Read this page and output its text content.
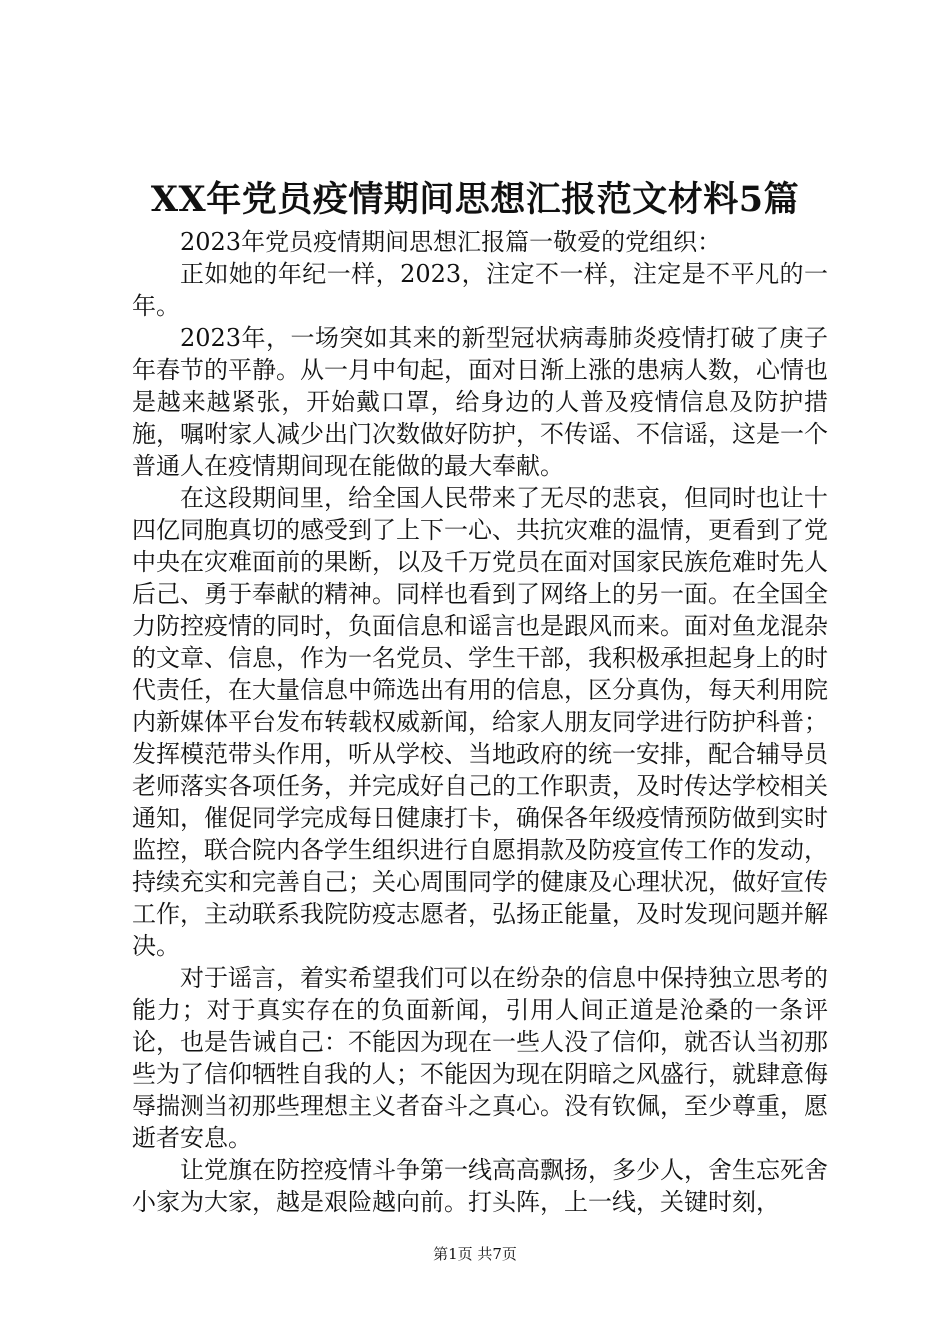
XX年党员疫情期间思想汇报范文材料5篇

2023年党员疫情期间思想汇报篇一敬爱的党组织：

正如她的年纪一样，2023，注定不一样，注定是不平凡的一年。

2023年，一场突如其来的新型冠状病毒肺炎疫情打破了庚子年春节的平静。从一月中旬起，面对日渐上涨的患病人数，心情也是越来越紧张，开始戴口罩，给身边的人普及疫情信息及防护措施，嘱咐家人减少出门次数做好防护，不传谣、不信谣，这是一个普通人在疫情期间现在能做的最大奉献。

在这段期间里，给全国人民带来了无尽的悲哀，但同时也让十四亿同胞真切的感受到了上下一心、共抗灾难的温情，更看到了党中央在灾难面前的果断，以及千万党员在面对国家民族危难时先人后己、勇于奉献的精神。同样也看到了网络上的另一面。在全国全力防控疫情的同时，负面信息和谣言也是跟风而来。面对鱼龙混杂的文章、信息，作为一名党员、学生干部，我积极承担起身上的时代责任，在大量信息中筛选出有用的信息，区分真伪，每天利用院内新媒体平台发布转载权威新闻，给家人朋友同学进行防护科普；发挥模范带头作用，听从学校、当地政府的统一安排，配合辅导员老师落实各项任务，并完成好自己的工作职责，及时传达学校相关通知，催促同学完成每日健康打卡，确保各年级疫情预防做到实时监控，联合院内各学生组织进行自愿捐款及防疫宣传工作的发动，持续充实和完善自己；关心周围同学的健康及心理状况，做好宣传工作，主动联系我院防疫志愿者，弘扬正能量，及时发现问题并解决。

对于谣言，着实希望我们可以在纷杂的信息中保持独立思考的能力；对于真实存在的负面新闻，引用人间正道是沧桑的一条评论，也是告诫自己：不能因为现在一些人没了信仰，就否认当初那些为了信仰牺牲自我的人；不能因为现在阴暗之风盛行，就肆意侮辱揣测当初那些理想主义者奋斗之真心。没有钦佩，至少尊重，愿逝者安息。

让党旗在防控疫情斗争第一线高高飘扬，多少人，舍生忘死舍小家为大家，越是艰险越向前。打头阵，上一线，关键时刻，

第1页 共7页
